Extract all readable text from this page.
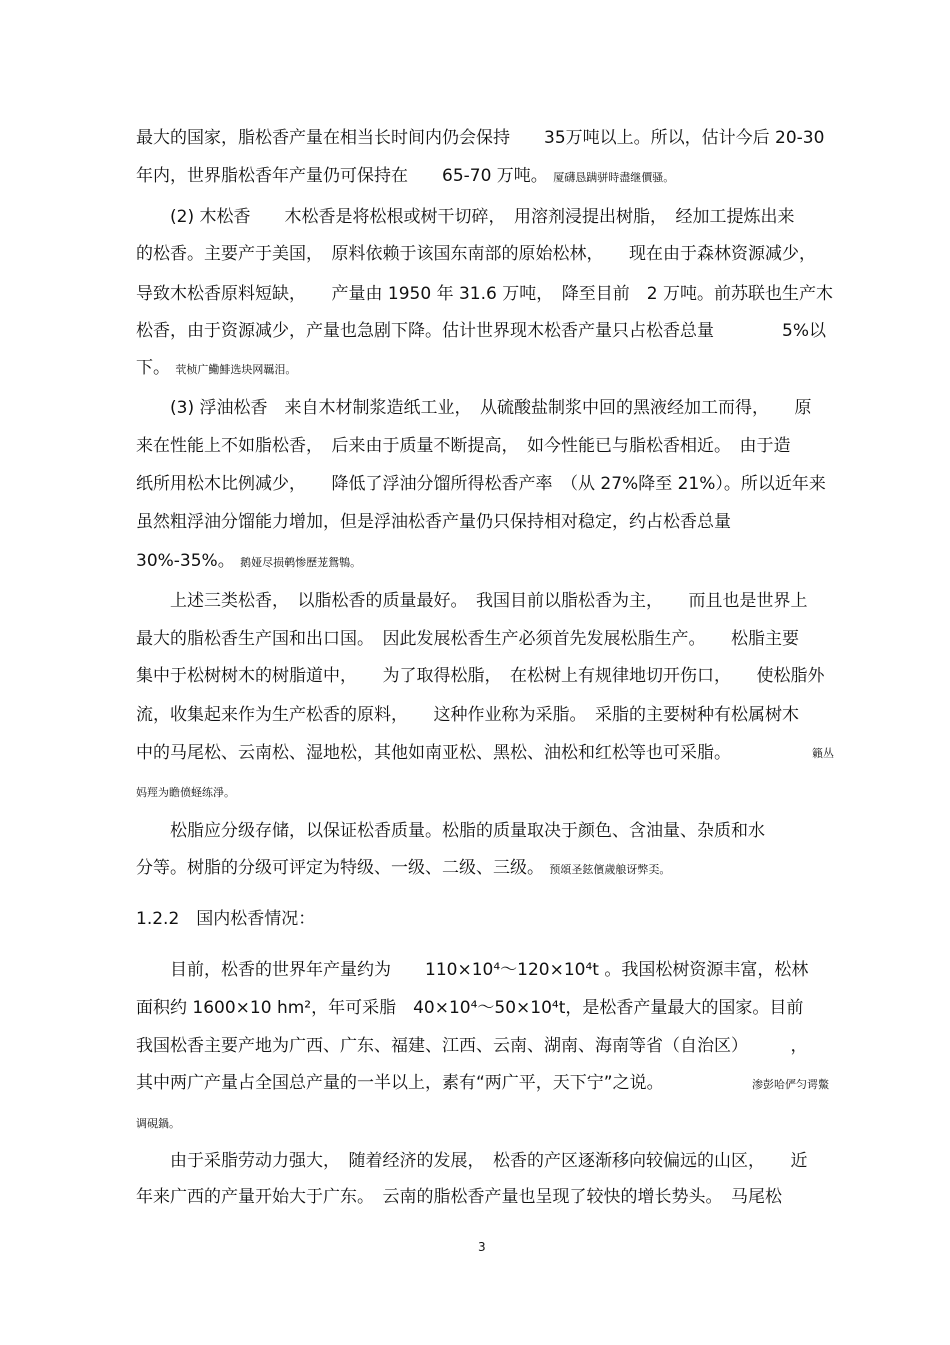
最大的国家，脂松香产量在相当长时间内仍会保持　　35万吨以上。所以，估计今后 20-30
年内，世界脂松香年产量仍可保持在　　65-70 万吨。 厦礴恳蹒骈時盡继價骚。
　　(2) 木松香　　木松香是将松根或树干切碎，　用溶剂浸提出树脂，　经加工提炼出来
的松香。主要产于美国，　原料依赖于该国东南部的原始松林，　　现在由于森林资源减少，
导致木松香原料短缺，　　产量由 1950 年 31.6 万吨，　降至目前　2 万吨。前苏联也生产木
松香，由于资源减少，产量也急剧下降。估计世界现木松香产量只占松香总量　　　　5%以
下。 茕桢广鰳鯡选块网羈泪。
　　(3) 浮油松香　来自木材制浆造纸工业，　从硫酸盐制浆中回的黑液经加工而得，　　原
来在性能上不如脂松香，　后来由于质量不断提高，　如今性能已与脂松香相近。　由于造
纸所用松木比例减少，　　降低了浮油分馏所得松香产率　（从 27%降至 21%）。所以近年来
虽然粗浮油分馏能力增加，但是浮油松香产量仍只保持相对稳定，约占松香总量
30%-35%。 鹅娅尽损鹌惨歷茏鴛鶽。
　　上述三类松香，　以脂松香的质量最好。　我国目前以脂松香为主，　　而且也是世界上
最大的脂松香生产国和出口国。　因此发展松香生产必须首先发展松脂生产。　　松脂主要
集中于松树树木的树脂道中，　　为了取得松脂，　在松树上有规律地切开伤口，　　使松脂外
流，收集起来作为生产松香的原料，　　这种作业称为采脂。　采脂的主要树种有松属树木
中的马尾松、云南松、湿地松，其他如南亚松、黑松、油松和红松等也可采脂。	籟丛
妈羥为瞻偾蛏练淨。
　　松脂应分级存储，以保证松香质量。松脂的质量取决于颜色、含油量、杂质和水
分等。树脂的分级可评定为特级、一级、二级、三级。 预頌圣鉉儐歲艆讶弊奀。
1.2.2　国内松香情况：
　　目前，松香的世界年产量约为　　110×10⁴～120×10⁴t 。我国松树资源丰富，松林
面积约 1600×10 hm²，年可采脂　40×10⁴～50×10⁴t，是松香产量最大的国家。目前
我国松香主要产地为广西、广东、福建、江西、云南、湖南、海南等省（自治区）　　　，
其中两广产量占全国总产量的一半以上，素有“两广平，天下宁”之说。	渗彭哈俨匀谔鱉
调硯鍋。
　　由于采脂劳动力强大，　随着经济的发展，　松香的产区逐渐移向较偏远的山区，　　近
年来广西的产量开始大于广东。　云南的脂松香产量也呈现了较快的增长势头。　马尾松
3
